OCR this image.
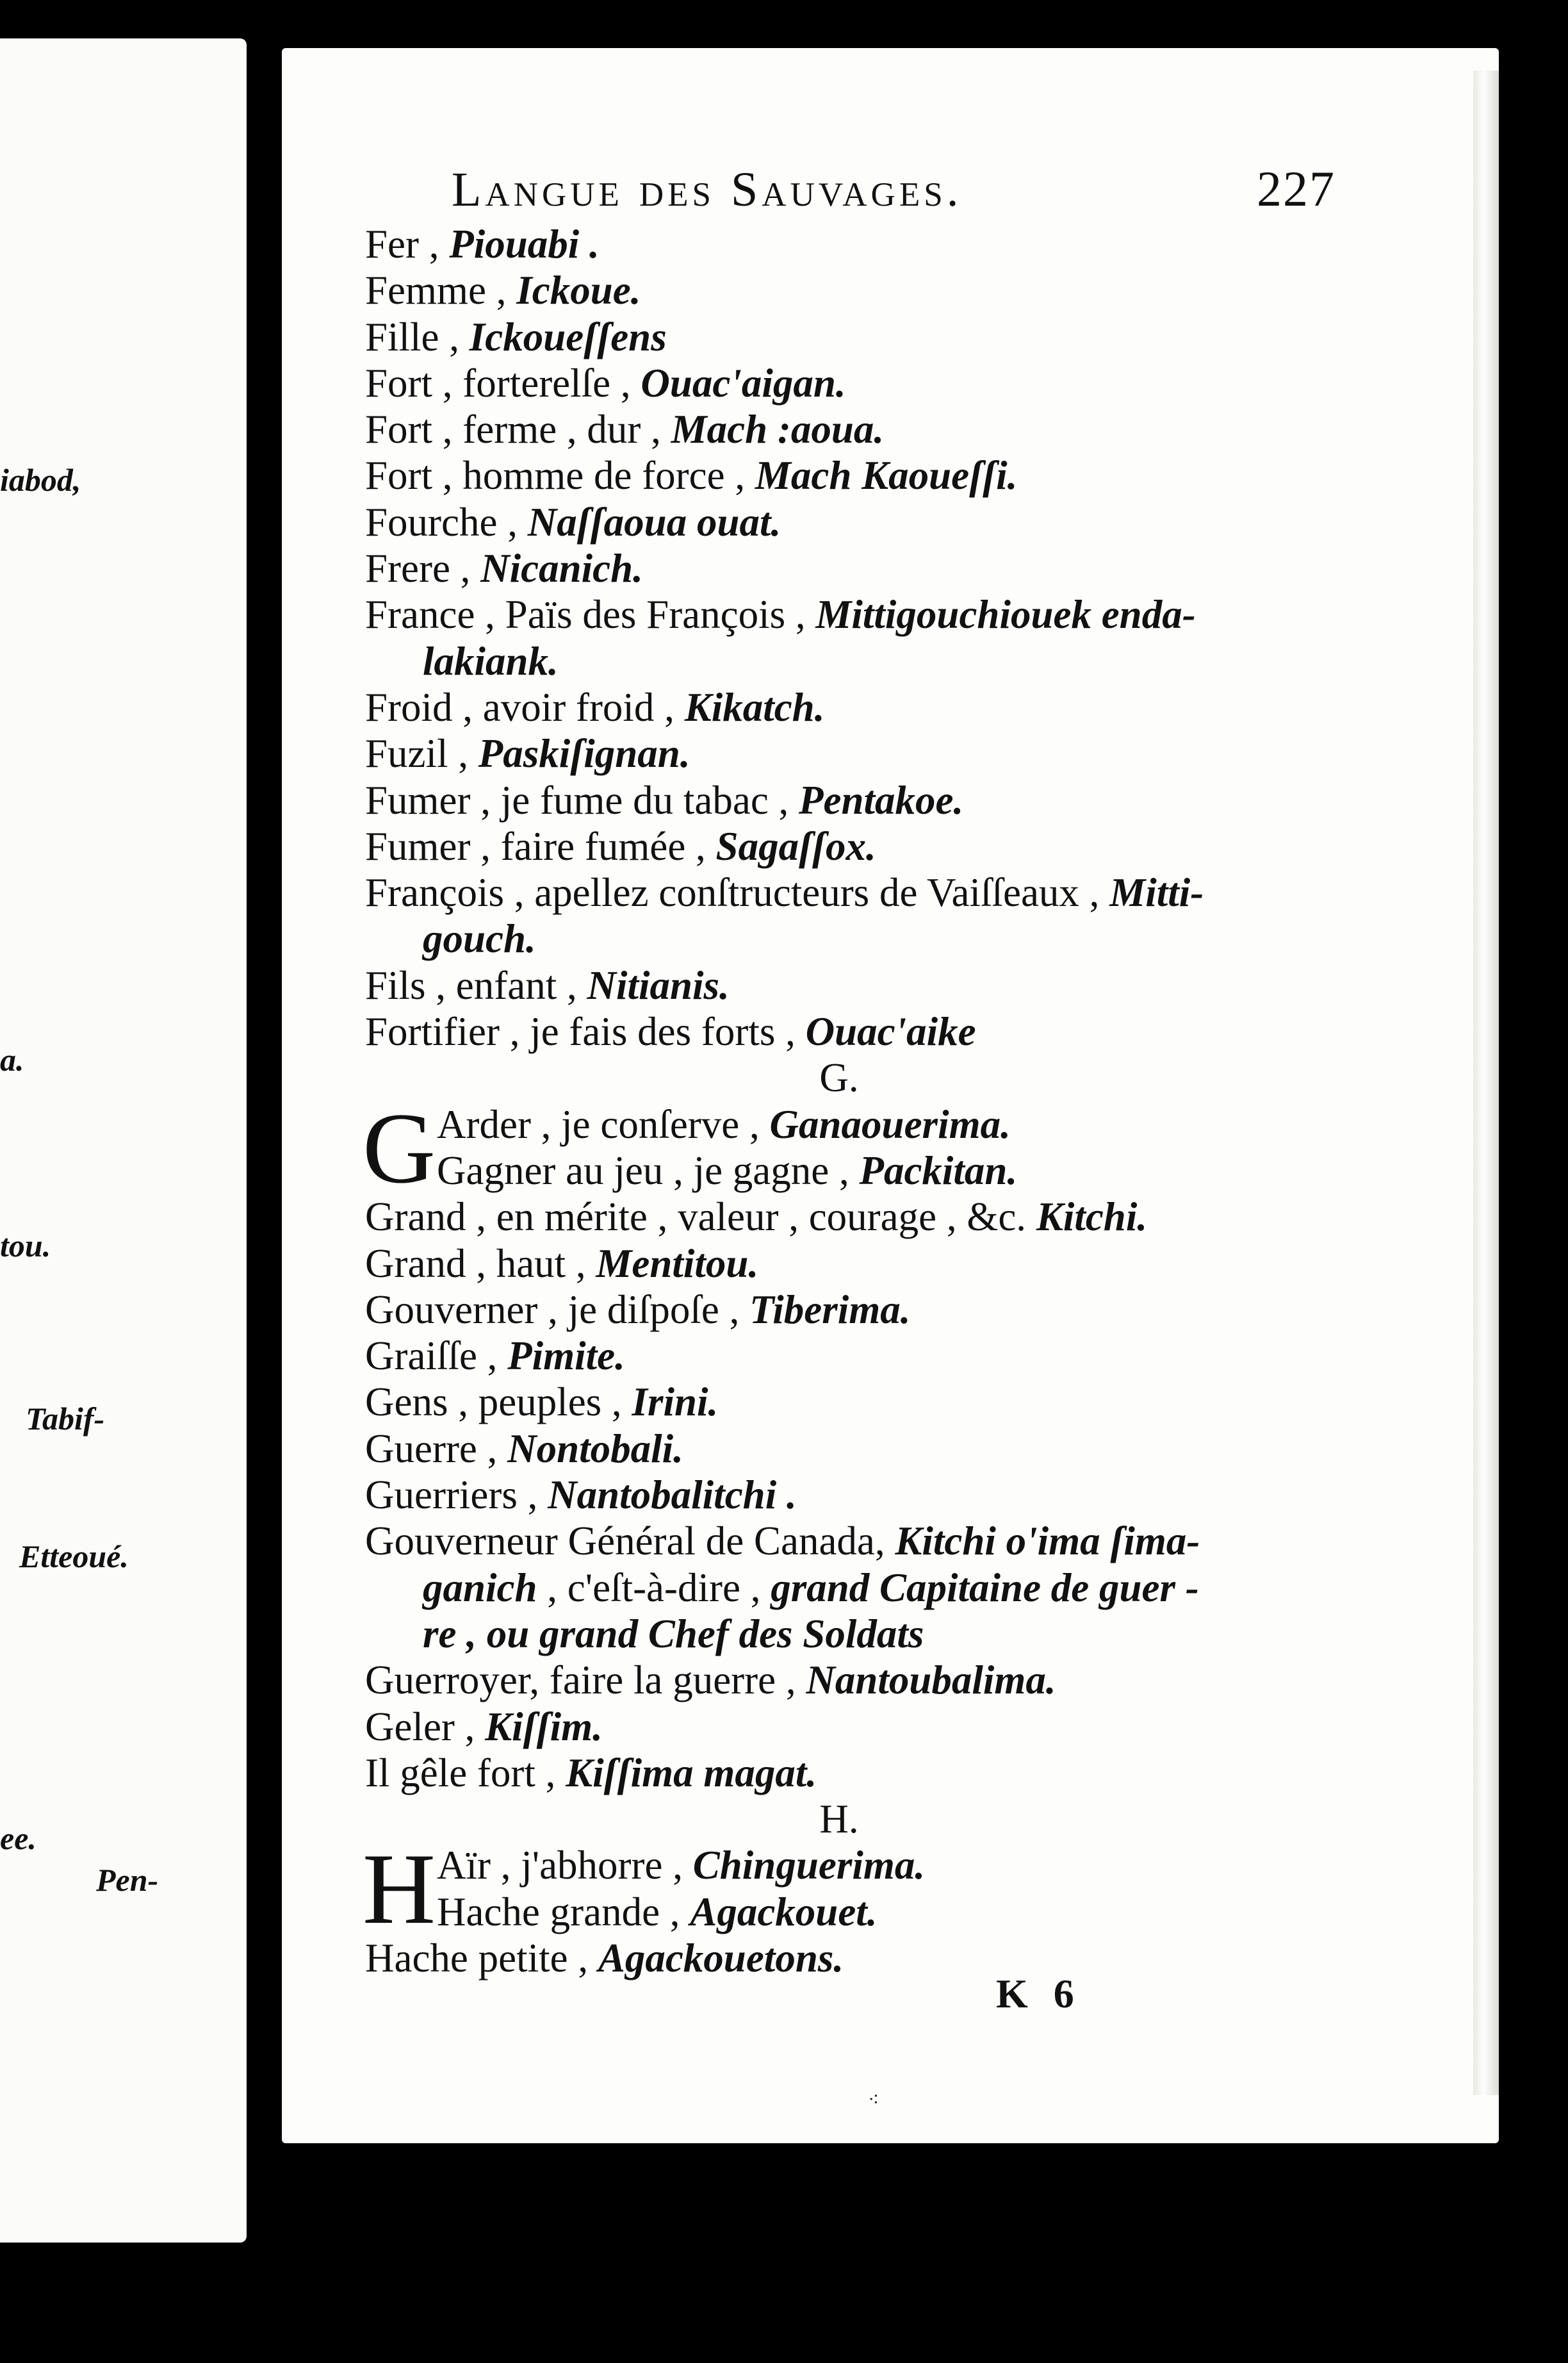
iabod,
a.
tou.
Tabif-
Etteoué.
ee.
Pen-
Langue des Sauvages.	227
Fer , Piouabi .
Femme , Ickoue.
Fille , Ickoueſſens
Fort , forterelſe , Ouac'aigan.
Fort , ferme , dur , Mach :aoua.
Fort , homme de force , Mach Kaoueſſi.
Fourche , Naſſaoua ouat.
Frere , Nicanich.
France , Païs des François , Mittigouchiouek enda-
lakiank.
Froid , avoir froid , Kikatch.
Fuzil , Paskiſignan.
Fumer , je fume du tabac , Pentakoe.
Fumer , faire fumée , Sagaſſox.
François , apellez conſtructeurs de Vaiſſeaux , Mitti-
gouch.
Fils , enfant , Nitianis.
Fortifier , je fais des forts , Ouac'aike
G.
G Arder , je conſerve , Ganaouerima.
Gagner au jeu , je gagne , Packitan.
Grand , en mérite , valeur , courage , &c. Kitchi.
Grand , haut , Mentitou.
Gouverner , je diſpoſe , Tiberima.
Graiſſe , Pimite.
Gens , peuples , Irini.
Guerre , Nontobali.
Guerriers , Nantobalitchi .
Gouverneur Général de Canada, Kitchi o'ima ſima-
ganich , c'eſt-à-dire , grand Capitaine de guer -
re , ou grand Chef des Soldats
Guerroyer, faire la guerre , Nantoubalima.
Geler , Kiſſim.
Il gêle fort , Kiſſima magat.
H.
H Aïr , j'abhorre , Chinguerima.
Hache grande , Agackouet.
Hache petite , Agackouetons.
K 6
⁖
